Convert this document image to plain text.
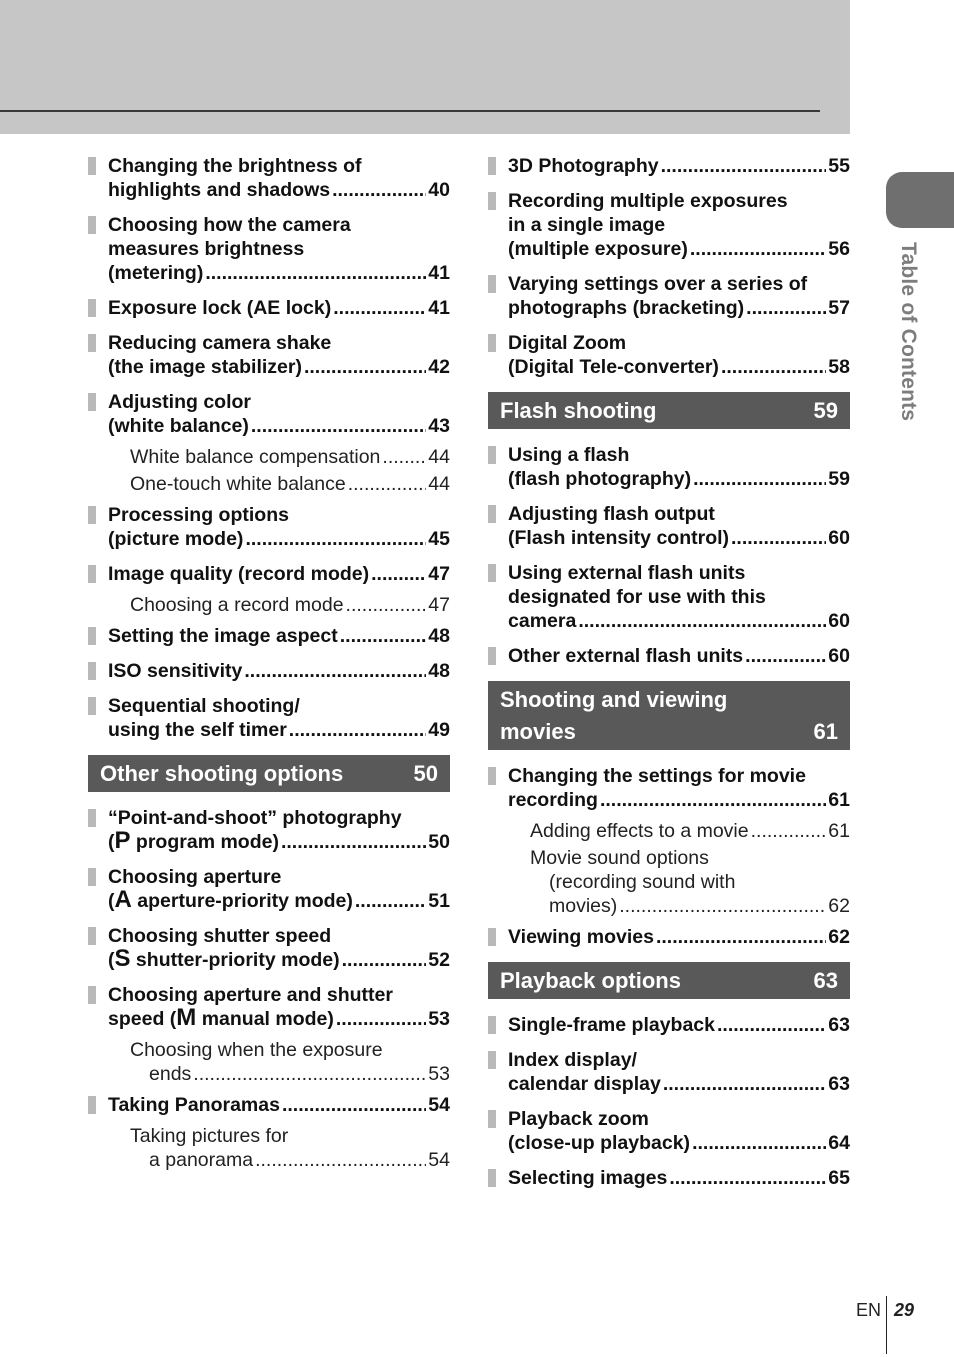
Table of Contents
Changing the brightness of
highlights and shadows .....	40
Choosing how the camera
measures brightness
(metering) .....	41
Exposure lock (AE lock) .....	41
Reducing camera shake
(the image stabilizer) .....	42
Adjusting color
(white balance) .....	43
White balance compensation ..... 44
One-touch white balance .....	44
Processing options
(picture mode) .....	45
Image quality (record mode) .....	47
Choosing a record mode .....	47
Setting the image aspect .....	48
ISO sensitivity .....	48
Sequential shooting/
using the self timer .....	49
Other shooting options	50
“Point-and-shoot” photography
(P program mode) .....	50
Choosing aperture
(A aperture-priority mode) .....	51
Choosing shutter speed
(S shutter-priority mode) .....	52
Choosing aperture and shutter
speed (M manual mode) .....	53
Choosing when the exposure
ends .....	53
Taking Panoramas .....	54
Taking pictures for
a panorama .....	54
3D Photography .....	55
Recording multiple exposures
in a single image
(multiple exposure) .....	56
Varying settings over a series of
photographs (bracketing) .....	57
Digital Zoom
(Digital Tele-converter) .....	58
Flash shooting	59
Using a flash
(flash photography) .....	59
Adjusting flash output
(Flash intensity control) .....	60
Using external flash units
designated for use with this
camera .....	60
Other external flash units .....	60
Shooting and viewing
movies	61
Changing the settings for movie
recording .....	61
Adding effects to a movie .....	61
Movie sound options
(recording sound with
movies) .....	62
Viewing movies .....	62
Playback options	63
Single-frame playback .....	63
Index display/
calendar display .....	63
Playback zoom
(close-up playback) .....	64
Selecting images .....	65
EN 29
